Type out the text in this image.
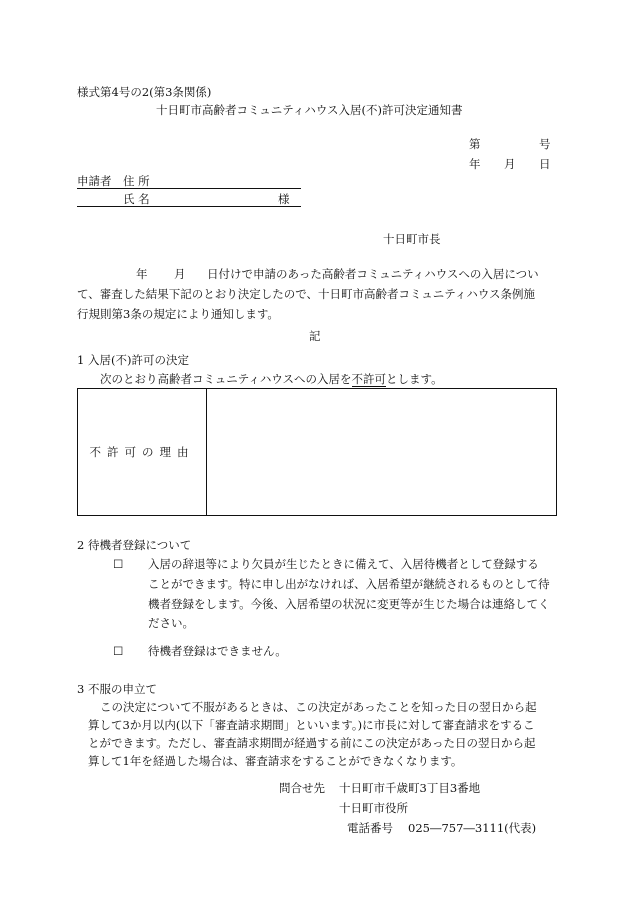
様式第4号の2(第3条関係)
十日町市高齢者コミュニティハウス入居(不)許可決定通知書
第	号
年 月 日
申請者 住 所
氏 名	様
十日町市長
年 月 日付けで申請のあった高齢者コミュニティハウスへの入居につい
て、審査した結果下記のとおり決定したので、十日町市高齢者コミュニティハウス条例施
行規則第3条の規定により通知します。
記
1 入居(不)許可の決定
次のとおり高齢者コミュニティハウスへの入居を不許可とします。
不許可の理由	
2 待機者登録について
☐ 入居の辞退等により欠員が生じたときに備えて、入居待機者として登録する
ことができます。特に申し出がなければ、入居希望が継続されるものとして待
機者登録をします。今後、入居希望の状況に変更等が生じた場合は連絡してく
ださい。
☐ 待機者登録はできません。
3 不服の申立て
この決定について不服があるときは、この決定があったことを知った日の翌日から起
算して3か月以内(以下「審査請求期間」といいます。)に市長に対して審査請求をするこ
とができます。ただし、審査請求期間が経過する前にこの決定があった日の翌日から起
算して1年を経過した場合は、審査請求をすることができなくなります。
問合せ先 十日町市千歳町3丁目3番地
十日町市役所
電話番号 025―757―3111(代表)
